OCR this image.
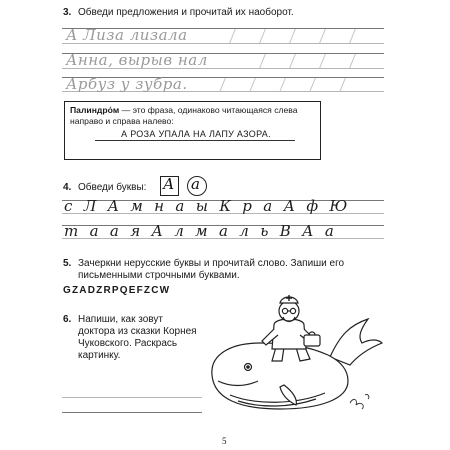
3. Обведи предложения и прочитай их наоборот.
А Лиза лизала
Анна, вырыв нал
Арбуз у зубра.
Палиндро́м — это фраза, одинаково читающаяся слева направо и справа налево:
А РОЗА УПАЛА НА ЛАПУ АЗОРА.
4. Обведи буквы: А а
с Л А м н а ы К р а А ф Ю
т а а я А л м а л ь В А а
5. Зачеркни нерусские буквы и прочитай слово. Запиши его письменными строчными буквами.
GZADZRPQEFZCW
6. Напиши, как зовут доктора из сказки Корнея Чуковского. Раскрась картинку.
5
